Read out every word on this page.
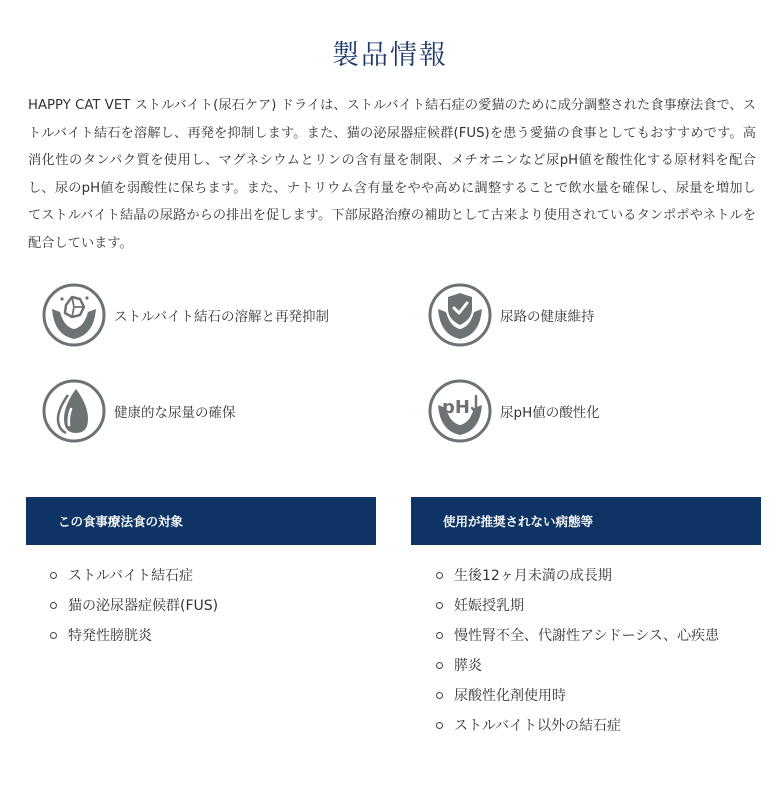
製品情報
HAPPY CAT VET ストルバイト(尿石ケア) ドライは、ストルバイト結石症の愛猫のために成分調整された食事療法食で、ストルバイト結石を溶解し、再発を抑制します。また、猫の泌尿器症候群(FUS)を患う愛猫の食事としてもおすすめです。高消化性のタンパク質を使用し、マグネシウムとリンの含有量を制限、メチオニンなど尿pH値を酸性化する原材料を配合し、尿のpH値を弱酸性に保ちます。また、ナトリウム含有量をやや高めに調整することで飲水量を確保し、尿量を増加してストルバイト結晶の尿路からの排出を促します。下部尿路治療の補助として古来より使用されているタンポポやネトルを配合しています。
ストルバイト結石の溶解と再発抑制	尿路の健康維持
健康的な尿量の確保	pH 尿pH値の酸性化
この食事療法食の対象	使用が推奨されない病態等
ストルバイト結石症
猫の泌尿器症候群(FUS)
特発性膀胱炎
生後12ヶ月未満の成長期
妊娠授乳期
慢性腎不全、代謝性アシドーシス、心疾患
膵炎
尿酸性化剤使用時
ストルバイト以外の結石症
